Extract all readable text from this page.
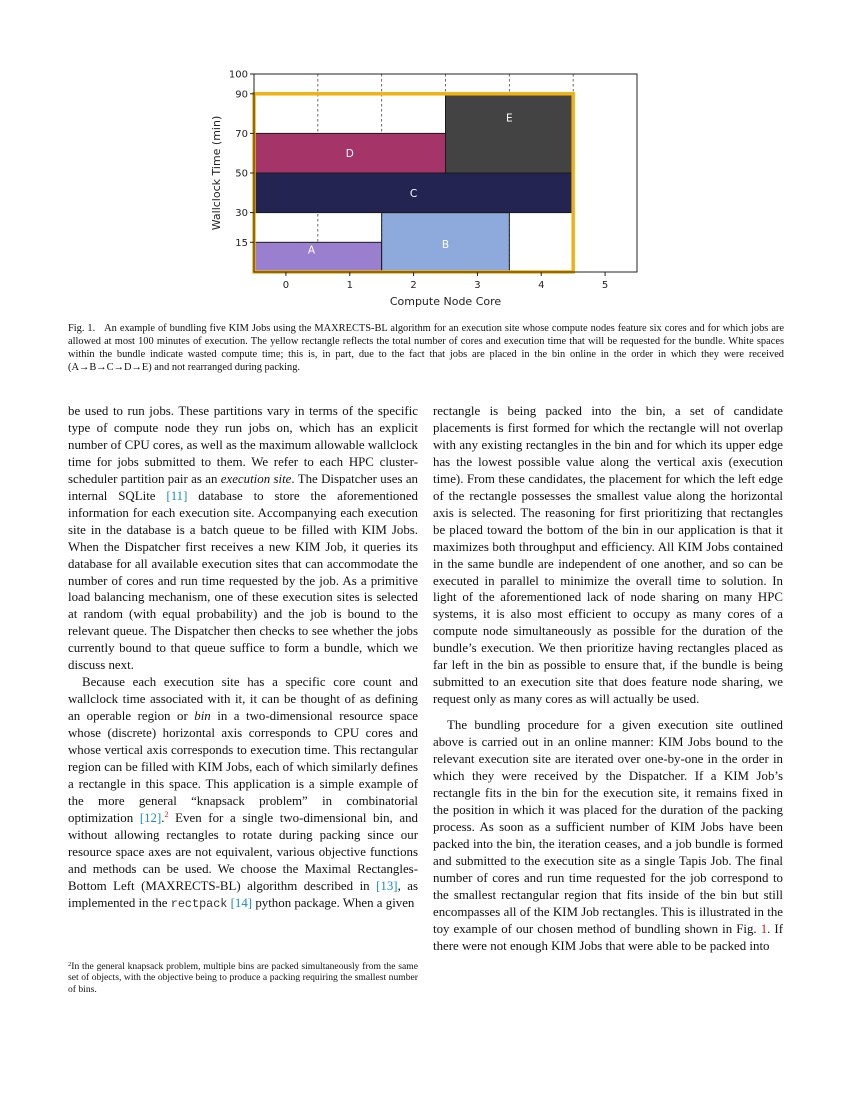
A	B
C
D
E
15
30
50
70
90
100
0	1	2	3	4	5
Compute Node Core
Wallclock Time (min)
Fig. 1. An example of bundling five KIM Jobs using the MAXRECTS-BL algorithm for an execution site whose compute nodes feature six cores and for which jobs are allowed at most 100 minutes of execution. The yellow rectangle reflects the total number of cores and execution time that will be requested for the bundle. White spaces within the bundle indicate wasted compute time; this is, in part, due to the fact that jobs are placed in the bin online in the order in which they were received (A→B→C→D→E) and not rearranged during packing.

be used to run jobs. These partitions vary in terms of the specific type of compute node they run jobs on, which has an explicit number of CPU cores, as well as the maximum allowable wallclock time for jobs submitted to them. We refer to each HPC cluster-scheduler partition pair as an execution site. The Dispatcher uses an internal SQLite [11] database to store the aforementioned information for each execution site. Accompanying each execution site in the database is a batch queue to be filled with KIM Jobs. When the Dispatcher first receives a new KIM Job, it queries its database for all available execution sites that can accommodate the number of cores and run time requested by the job. As a primitive load balancing mechanism, one of these execution sites is selected at random (with equal probability) and the job is bound to the relevant queue. The Dispatcher then checks to see whether the jobs currently bound to that queue suffice to form a bundle, which we discuss next.

Because each execution site has a specific core count and wallclock time associated with it, it can be thought of as defining an operable region or bin in a two-dimensional resource space whose (discrete) horizontal axis corresponds to CPU cores and whose vertical axis corresponds to execution time. This rectangular region can be filled with KIM Jobs, each of which similarly defines a rectangle in this space. This application is a simple example of the more general “knapsack problem” in combinatorial optimization [12].$^2$ Even for a single two-dimensional bin, and without allowing rectangles to rotate during packing since our resource space axes are not equivalent, various objective functions and methods can be used. We choose the Maximal Rectangles-Bottom Left (MAXRECTS-BL) algorithm described in [13], as implemented in the rectpack [14] python package. When a given

$^2$In the general knapsack problem, multiple bins are packed simultaneously from the same set of objects, with the objective being to produce a packing requiring the smallest number of bins.

rectangle is being packed into the bin, a set of candidate placements is first formed for which the rectangle will not overlap with any existing rectangles in the bin and for which its upper edge has the lowest possible value along the vertical axis (execution time). From these candidates, the placement for which the left edge of the rectangle possesses the smallest value along the horizontal axis is selected. The reasoning for first prioritizing that rectangles be placed toward the bottom of the bin in our application is that it maximizes both throughput and efficiency. All KIM Jobs contained in the same bundle are independent of one another, and so can be executed in parallel to minimize the overall time to solution. In light of the aforementioned lack of node sharing on many HPC systems, it is also most efficient to occupy as many cores of a compute node simultaneously as possible for the duration of the bundle’s execution. We then prioritize having rectangles placed as far left in the bin as possible to ensure that, if the bundle is being submitted to an execution site that does feature node sharing, we request only as many cores as will actually be used.

The bundling procedure for a given execution site outlined above is carried out in an online manner: KIM Jobs bound to the relevant execution site are iterated over one-by-one in the order in which they were received by the Dispatcher. If a KIM Job’s rectangle fits in the bin for the execution site, it remains fixed in the position in which it was placed for the duration of the packing process. As soon as a sufficient number of KIM Jobs have been packed into the bin, the iteration ceases, and a job bundle is formed and submitted to the execution site as a single Tapis Job. The final number of cores and run time requested for the job correspond to the smallest rectangular region that fits inside of the bin but still encompasses all of the KIM Job rectangles. This is illustrated in the toy example of our chosen method of bundling shown in Fig. 1. If there were not enough KIM Jobs that were able to be packed into
